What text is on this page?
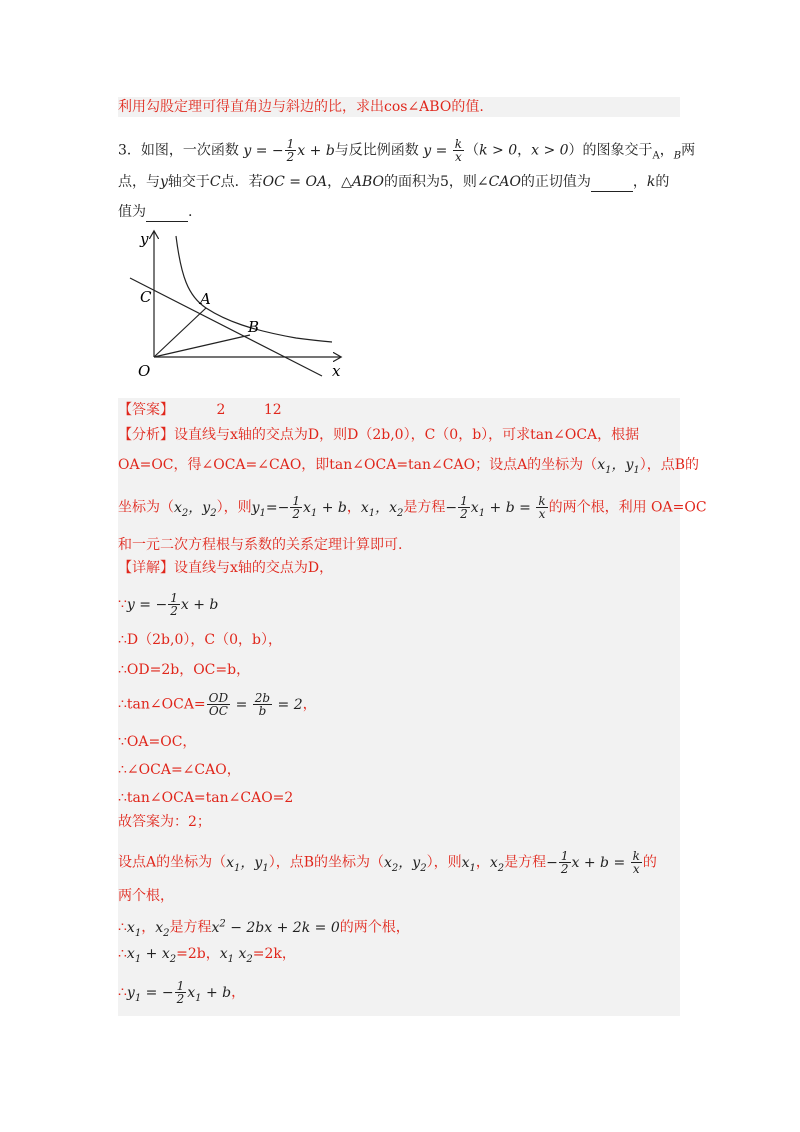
利用勾股定理可得直角边与斜边的比，求出cos∠ABO的值.
3．如图，一次函数 y = − $\frac{1}{2}$ x + b与反比例函数 $y = \frac{k}{x} (k > 0$，x > 0）的图象交于$_A$，$_B$两
点，与y轴交于C点．若OC = OA，△ABO的面积为5，则∠CAO的正切值为	，k的
值为	.
y
x
O
C	A
B
【答案】	2	12
【分析】设直线与x轴的交点为D，则D（2b,0），C（0，b），可求tan∠OCA，根据
OA=OC，得∠OCA=∠CAO，即tan∠OCA=tan∠CAO；设点A的坐标为（$x_1$，$y_1$），点B的
坐标为（$x_2$，$y_2$），则$y_1=- \frac{1}{2} x_1 + b$，$x_1$，$x_2$是方程− $\frac{1}{2} x_1 + b = \frac{k}{x}$ 的两个根，利用 OA=OC
和一元二次方程根与系数的关系定理计算即可.
【详解】设直线与x轴的交点为D，
∵y = − $\frac{1}{2}$ x + b
∴D（2b,0），C（0，b），
∴OD=2b，OC=b，
∴tan∠OCA= $\frac{OD}{OC} = \frac{2b}{b} = 2$，
∵OA=OC，
∴∠OCA=∠CAO，
∴tan∠OCA=tan∠CAO=2
故答案为：2；
设点A的坐标为（$x_1$，$y_1$），点B的坐标为（$x_2$，$y_2$），则$x_1$，$x_2$是方程− $\frac{1}{2}$ $x + b = \frac{k}{x}$ 的
两个根，
$\therefore x_1$，$x_2$是方程$x^2 - 2bx + 2k = 0$的两个根，
$\therefore x_1 + x_2=2b$，$x_1$ $x_2=2k$，
$\therefore y_1$ = − $\frac{1}{2} x_1 + b$，
